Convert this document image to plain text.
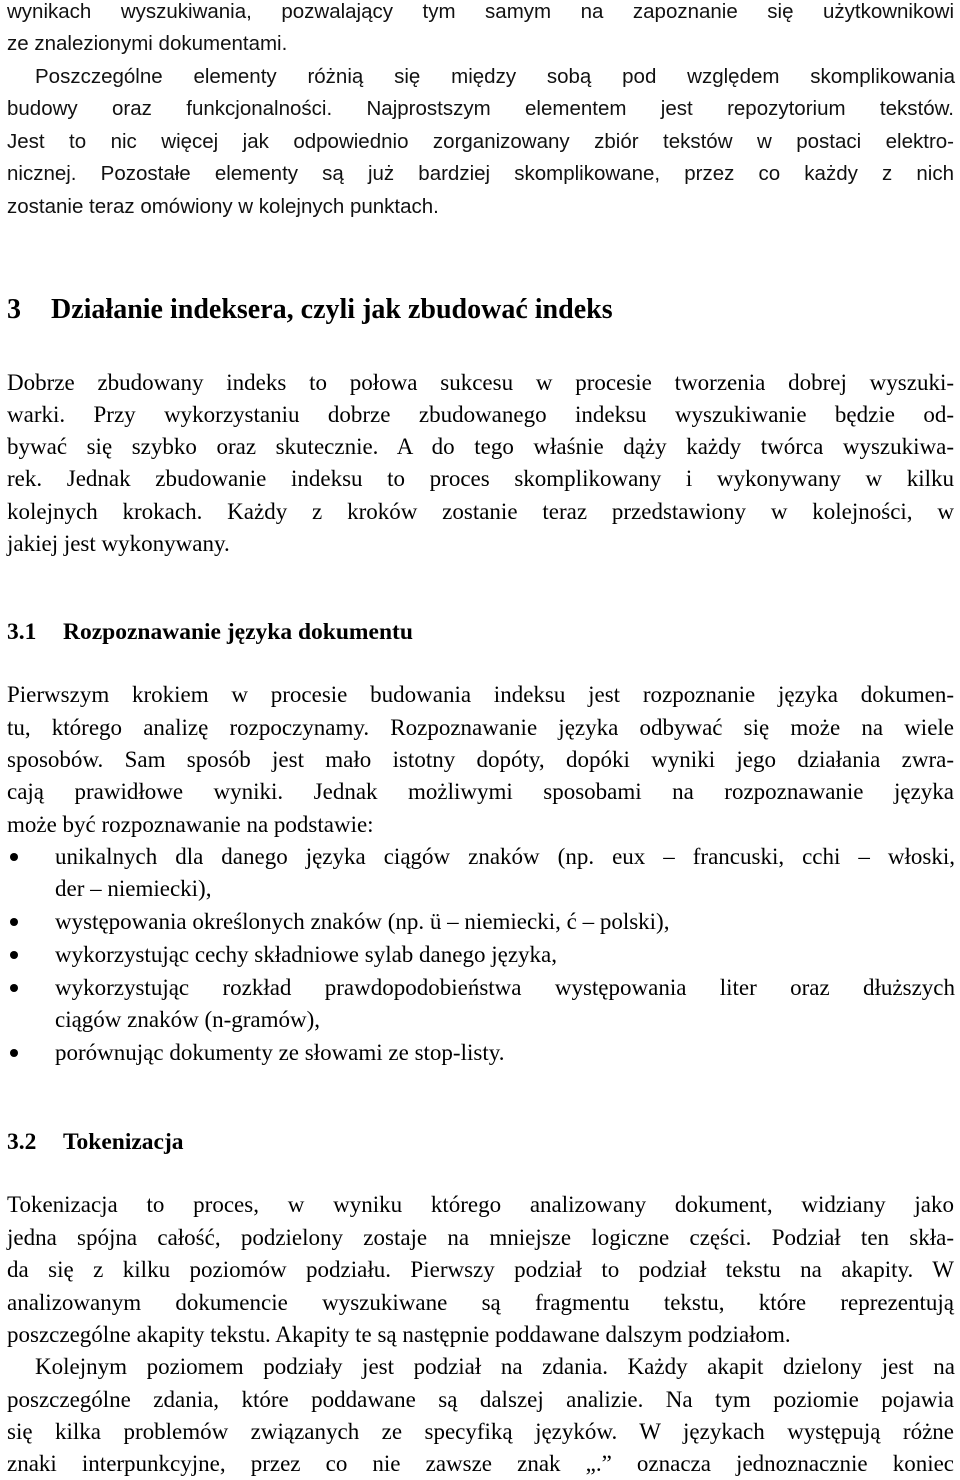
wynikach wyszukiwania, pozwalający tym samym na zapoznanie się użytkownikowi
ze znalezionymi dokumentami.
Poszczególne elementy różnią się między sobą pod względem skomplikowania
budowy oraz funkcjonalności. Najprostszym elementem jest repozytorium tekstów.
Jest to nic więcej jak odpowiednio zorganizowany zbiór tekstów w postaci elektro-
nicznej. Pozostałe elementy są już bardziej skomplikowane, przez co każdy z nich
zostanie teraz omówiony w kolejnych punktach.
3 Działanie indeksera, czyli jak zbudować indeks
Dobrze zbudowany indeks to połowa sukcesu w procesie tworzenia dobrej wyszuki-
warki. Przy wykorzystaniu dobrze zbudowanego indeksu wyszukiwanie będzie od-
bywać się szybko oraz skutecznie. A do tego właśnie dąży każdy twórca wyszukiwa-
rek. Jednak zbudowanie indeksu to proces skomplikowany i wykonywany w kilku
kolejnych krokach. Każdy z kroków zostanie teraz przedstawiony w kolejności, w
jakiej jest wykonywany.
3.1 Rozpoznawanie języka dokumentu
Pierwszym krokiem w procesie budowania indeksu jest rozpoznanie języka dokumen-
tu, którego analizę rozpoczynamy. Rozpoznawanie języka odbywać się może na wiele
sposobów. Sam sposób jest mało istotny dopóty, dopóki wyniki jego działania zwra-
cają prawidłowe wyniki. Jednak możliwymi sposobami na rozpoznawanie języka
może być rozpoznawanie na podstawie:
unikalnych dla danego języka ciągów znaków (np. eux – francuski, cchi – włoski,
der – niemiecki),
występowania określonych znaków (np. ü – niemiecki, ć – polski),
wykorzystując cechy składniowe sylab danego języka,
wykorzystując rozkład prawdopodobieństwa występowania liter oraz dłuższych
ciągów znaków (n-gramów),
porównując dokumenty ze słowami ze stop-listy.
3.2 Tokenizacja
Tokenizacja to proces, w wyniku którego analizowany dokument, widziany jako
jedna spójna całość, podzielony zostaje na mniejsze logiczne części. Podział ten skła-
da się z kilku poziomów podziału. Pierwszy podział to podział tekstu na akapity. W
analizowanym dokumencie wyszukiwane są fragmentu tekstu, które reprezentują
poszczególne akapity tekstu. Akapity te są następnie poddawane dalszym podziałom.
Kolejnym poziomem podziały jest podział na zdania. Każdy akapit dzielony jest na
poszczególne zdania, które poddawane są dalszej analizie. Na tym poziomie pojawia
się kilka problemów związanych ze specyfiką języków. W językach występują różne
znaki interpunkcyjne, przez co nie zawsze znak „.” oznacza jednoznacznie koniec
